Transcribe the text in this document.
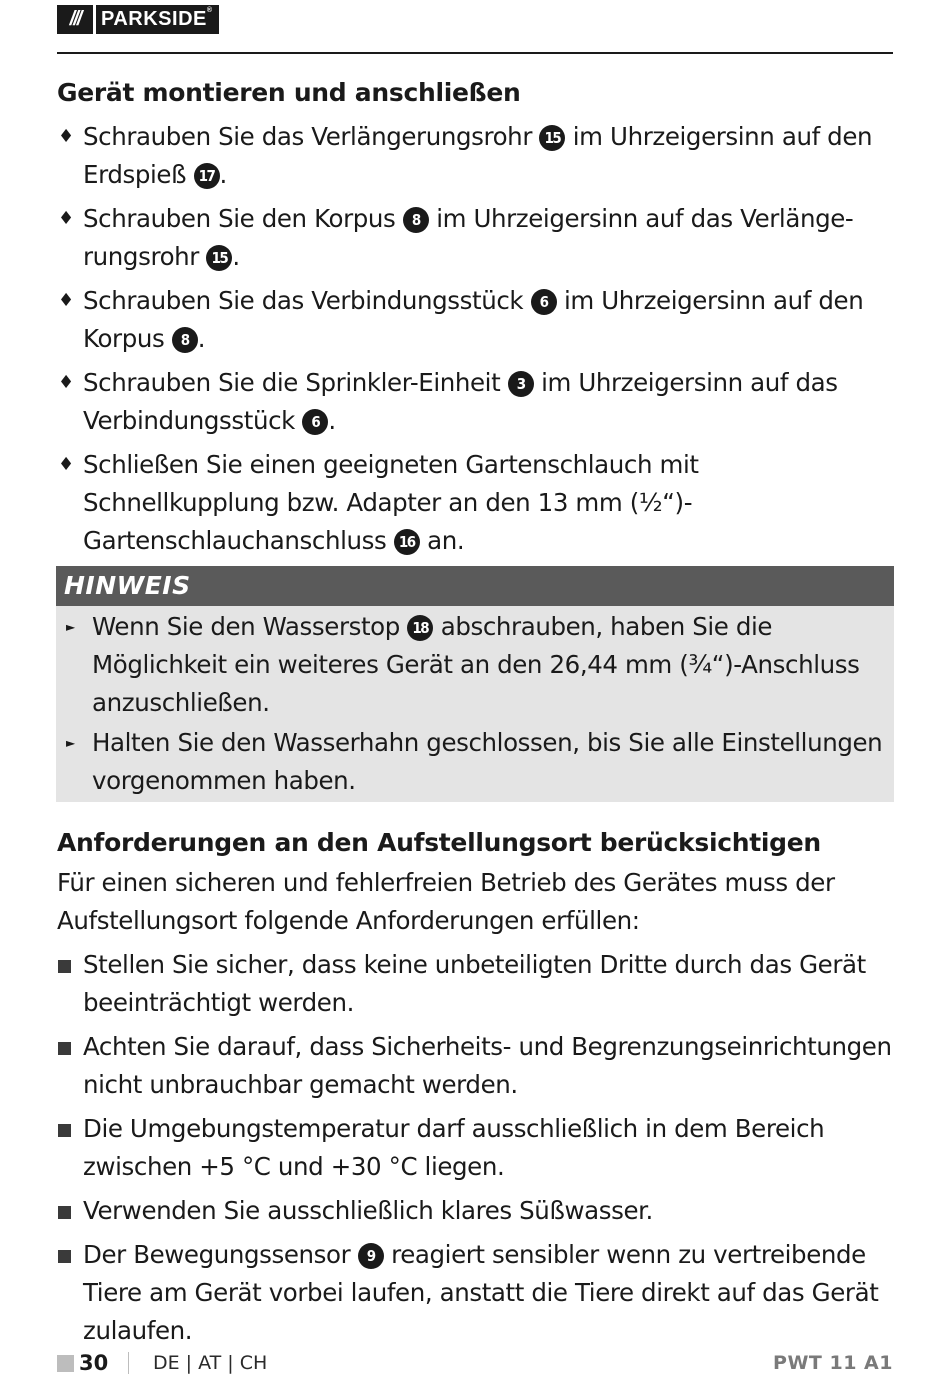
///	PARKSIDE®
Gerät montieren und anschließen
♦ Schrauben Sie das Verlängerungsrohr 15 im Uhrzeigersinn auf den Erdspieß 17 .
♦ Schrauben Sie den Korpus 8 im Uhrzeigersinn auf das Verlänge-rungsrohr 15 .
♦ Schrauben Sie das Verbindungsstück 6 im Uhrzeigersinn auf den Korpus 8 .
♦ Schrauben Sie die Sprinkler-Einheit 3 im Uhrzeigersinn auf das Verbindungsstück 6 .
♦ Schließen Sie einen geeigneten Gartenschlauch mit Schnellkupplung bzw. Adapter an den 13 mm (½“)-Gartenschlauchanschluss 16 an.
HINWEIS
► Wenn Sie den Wasserstop 18 abschrauben, haben Sie die Möglichkeit ein weiteres Gerät an den 26,44 mm (¾“)-Anschluss anzuschließen.
► Halten Sie den Wasserhahn geschlossen, bis Sie alle Einstellungen vorgenommen haben.
Anforderungen an den Aufstellungsort berücksichtigen

Für einen sicheren und fehlerfreien Betrieb des Gerätes muss der Aufstellungsort folgende Anforderungen erfüllen:

Stellen Sie sicher, dass keine unbeteiligten Dritte durch das Gerät beeinträchtigt werden.
Achten Sie darauf, dass Sicherheits- und Begrenzungseinrichtungen nicht unbrauchbar gemacht werden.
Die Umgebungstemperatur darf ausschließlich in dem Bereich zwischen +5 °C und +30 °C liegen.
Verwenden Sie ausschließlich klares Süßwasser.
Der Bewegungssensor 9 reagiert sensibler wenn zu vertreibende Tiere am Gerät vorbei laufen, anstatt die Tiere direkt auf das Gerät zulaufen.
30 DE | AT | CH	PWT 11 A1
